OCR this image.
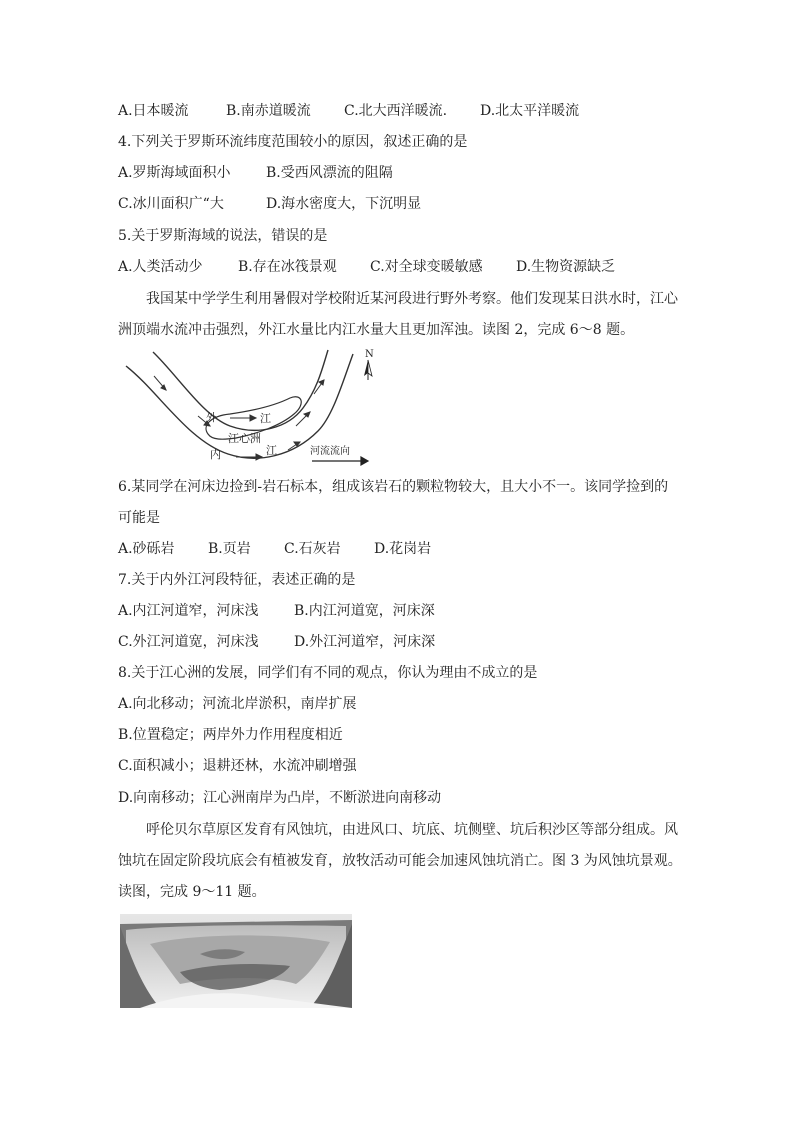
A.日本暖流	B.南赤道暖流 C.北大西洋暖流. D.北太平洋暖流
4.下列关于罗斯环流纬度范围较小的原因，叙述正确的是
A.罗斯海域面积小	B.受西风漂流的阻隔
C.冰川面积广“大	D.海水密度大，下沉明显
5.关于罗斯海域的说法，错误的是
A.人类活动少	B.存在冰筏景观 C.对全球变暖敏感 D.生物资源缺乏
我国某中学学生利用暑假对学校附近某河段进行野外考察。他们发现某日洪水时，江心
洲顶端水流冲击强烈，外江水量比内江水量大且更加浑浊。读图 2，完成 6～8 题。
外	江
江心洲
内	江	河流流向
N
6.某同学在河床边捡到-岩石标本，组成该岩石的颗粒物较大，且大小不一。该同学捡到的
可能是
A.砂砾岩 B.页岩 C.石灰岩 D.花岗岩
7.关于内外江河段特征，表述正确的是
A.内江河道窄，河床浅	B.内江河道宽，河床深
C.外江河道宽，河床浅	D.外江河道窄，河床深
8.关于江心洲的发展，同学们有不同的观点，你认为理由不成立的是
A.向北移动；河流北岸淤积，南岸扩展
B.位置稳定；两岸外力作用程度相近
C.面积减小；退耕还林，水流冲刷增强
D.向南移动；江心洲南岸为凸岸，不断淤进向南移动
呼伦贝尔草原区发育有风蚀坑，由进风口、坑底、坑侧壁、坑后积沙区等部分组成。风
蚀坑在固定阶段坑底会有植被发育，放牧活动可能会加速风蚀坑消亡。图 3 为风蚀坑景观。
读图，完成 9～11 题。
